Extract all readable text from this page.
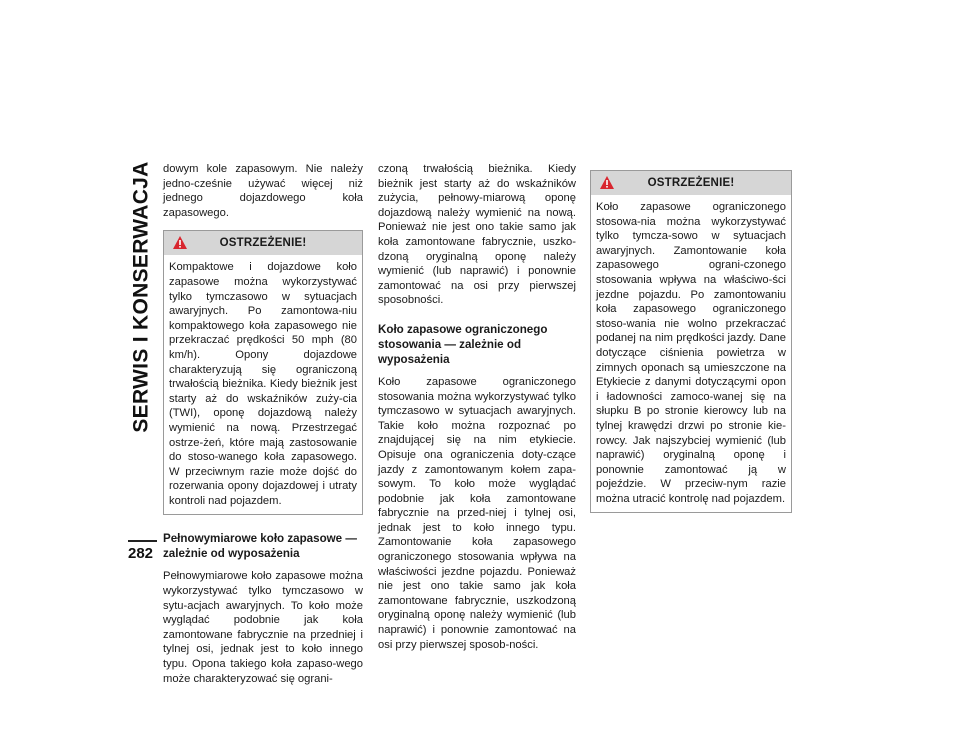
SERWIS I KONSERWACJA
282

dowym kole zapasowym. Nie należy jedno-cześnie używać więcej niż jednego dojazdowego koła zapasowego.

OSTRZEŻENIE!

Kompaktowe i dojazdowe koło zapasowe można wykorzystywać tylko tymczasowo w sytuacjach awaryjnych. Po zamontowa-niu kompaktowego koła zapasowego nie przekraczać prędkości 50 mph (80 km/h). Opony dojazdowe charakteryzują się ograniczoną trwałością bieżnika. Kiedy bieżnik jest starty aż do wskaźników zuży-cia (TWI), oponę dojazdową należy wymienić na nową. Przestrzegać ostrze-żeń, które mają zastosowanie do stoso-wanego koła zapasowego. W przeciwnym razie może dojść do rozerwania opony dojazdowej i utraty kontroli nad pojazdem.

Pełnowymiarowe koło zapasowe — zależnie od wyposażenia

Pełnowymiarowe koło zapasowe można wykorzystywać tylko tymczasowo w sytu-acjach awaryjnych. To koło może wyglądać podobnie jak koła zamontowane fabrycznie na przedniej i tylnej osi, jednak jest to koło innego typu. Opona takiego koła zapaso-wego może charakteryzować się ograni-

czoną trwałością bieżnika. Kiedy bieżnik jest starty aż do wskaźników zużycia, pełnowy-miarową oponę dojazdową należy wymienić na nową. Ponieważ nie jest ono takie samo jak koła zamontowane fabrycznie, uszko-dzoną oryginalną oponę należy wymienić (lub naprawić) i ponownie zamontować na osi przy pierwszej sposobności.

Koło zapasowe ograniczonego stosowania — zależnie od wyposażenia

Koło zapasowe ograniczonego stosowania można wykorzystywać tylko tymczasowo w sytuacjach awaryjnych. Takie koło można rozpoznać po znajdującej się na nim etykiecie. Opisuje ona ograniczenia doty-czące jazdy z zamontowanym kołem zapa-sowym. To koło może wyglądać podobnie jak koła zamontowane fabrycznie na przed-niej i tylnej osi, jednak jest to koło innego typu. Zamontowanie koła zapasowego ograniczonego stosowania wpływa na właściwości jezdne pojazdu. Ponieważ nie jest ono takie samo jak koła zamontowane fabrycznie, uszkodzoną oryginalną oponę należy wymienić (lub naprawić) i ponownie zamontować na osi przy pierwszej sposob-ności.

OSTRZEŻENIE!

Koło zapasowe ograniczonego stosowa-nia można wykorzystywać tylko tymcza-sowo w sytuacjach awaryjnych. Zamontowanie koła zapasowego ograni-czonego stosowania wpływa na właściwo-ści jezdne pojazdu. Po zamontowaniu koła zapasowego ograniczonego stoso-wania nie wolno przekraczać podanej na nim prędkości jazdy. Dane dotyczące ciśnienia powietrza w zimnych oponach są umieszczone na Etykiecie z danymi dotyczącymi opon i ładowności zamoco-wanej się na słupku B po stronie kierowcy lub na tylnej krawędzi drzwi po stronie kie-rowcy. Jak najszybciej wymienić (lub naprawić) oryginalną oponę i ponownie zamontować ją w pojeździe. W przeciw-nym razie można utracić kontrolę nad pojazdem.
